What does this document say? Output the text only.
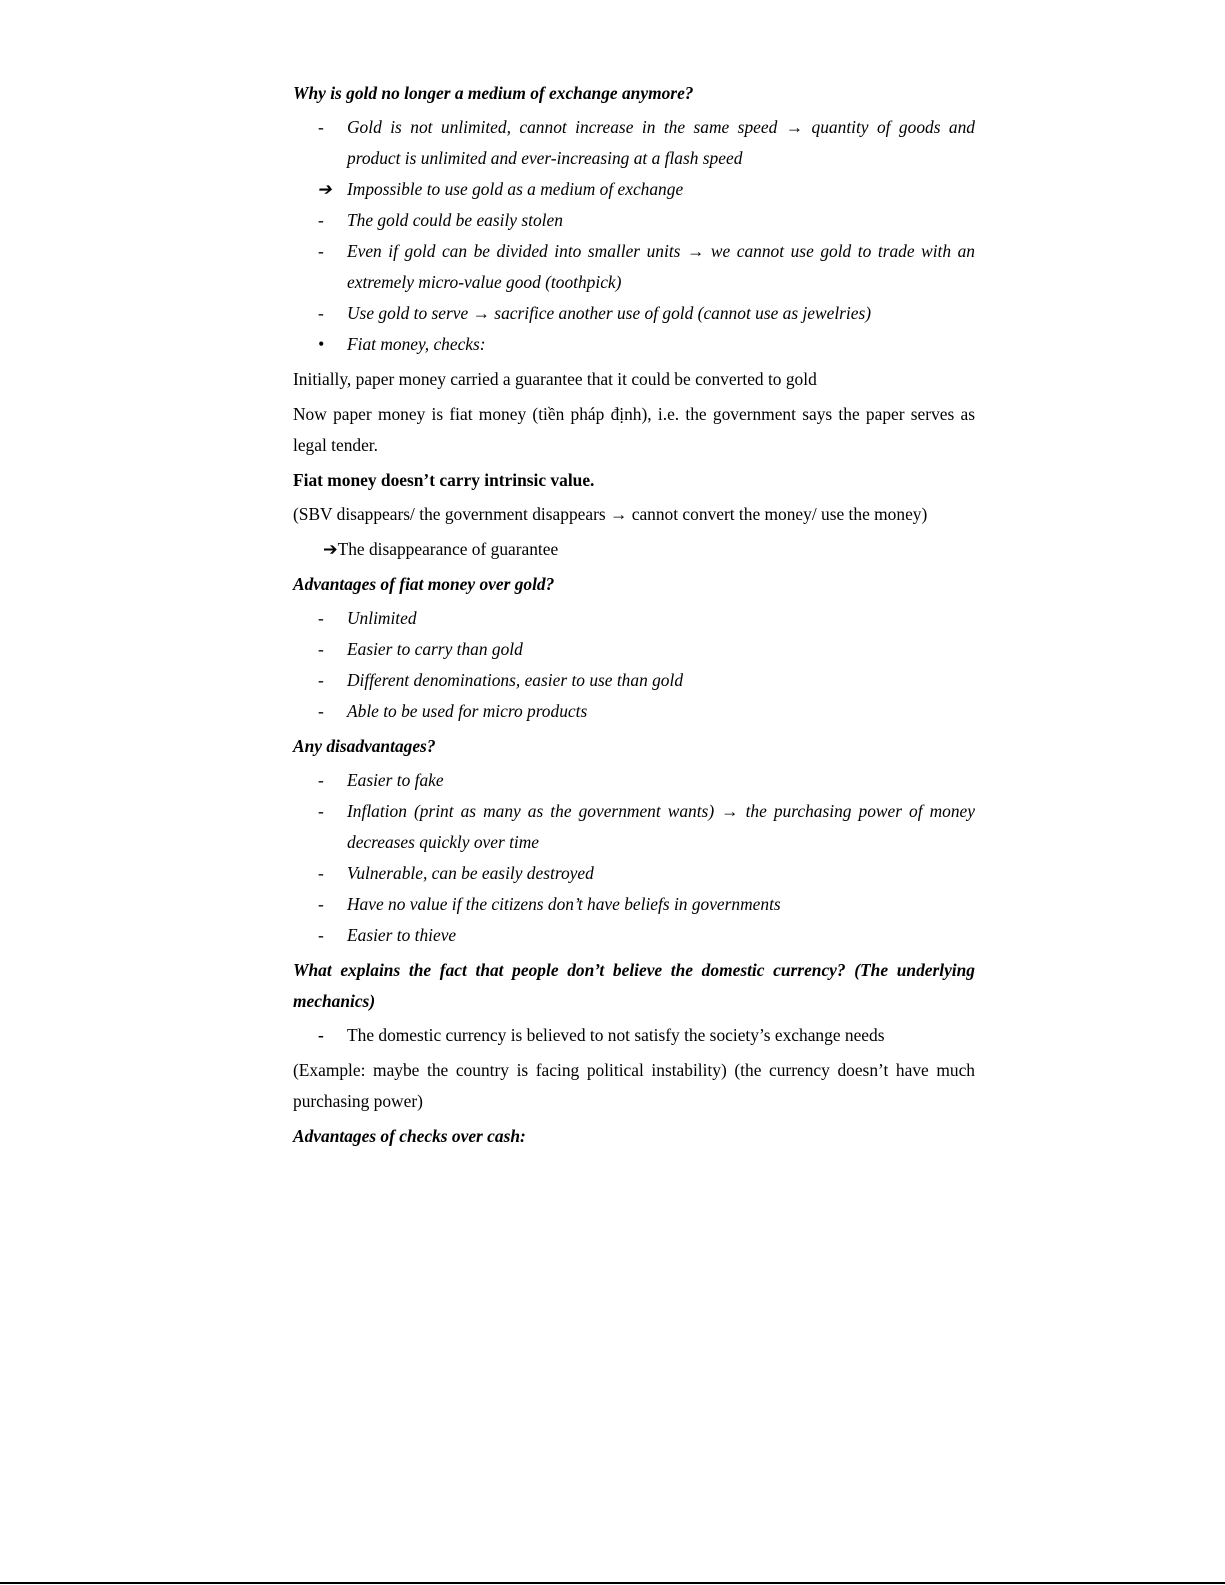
Why is gold no longer a medium of exchange anymore?

-	Gold is not unlimited, cannot increase in the same speed → quantity of goods and product is unlimited and ever-increasing at a flash speed
➔ Impossible to use gold as a medium of exchange
-	The gold could be easily stolen
-	Even if gold can be divided into smaller units → we cannot use gold to trade with an extremely micro-value good (toothpick)
-	Use gold to serve → sacrifice another use of gold (cannot use as jewelries)
•	Fiat money, checks:

Initially, paper money carried a guarantee that it could be converted to gold

Now paper money is fiat money (tiền pháp định), i.e. the government says the paper serves as legal tender.

Fiat money doesn’t carry intrinsic value.

(SBV disappears/ the government disappears → cannot convert the money/ use the money)

➔The disappearance of guarantee

Advantages of fiat money over gold?

-	Unlimited
-	Easier to carry than gold
-	Different denominations, easier to use than gold
-	Able to be used for micro products

Any disadvantages?

-	Easier to fake
-	Inflation (print as many as the government wants) → the purchasing power of money decreases quickly over time
-	Vulnerable, can be easily destroyed
-	Have no value if the citizens don’t have beliefs in governments
-	Easier to thieve

What explains the fact that people don’t believe the domestic currency? (The underlying mechanics)

-	The domestic currency is believed to not satisfy the society’s exchange needs

(Example: maybe the country is facing political instability) (the currency doesn’t have much purchasing power)

Advantages of checks over cash:
